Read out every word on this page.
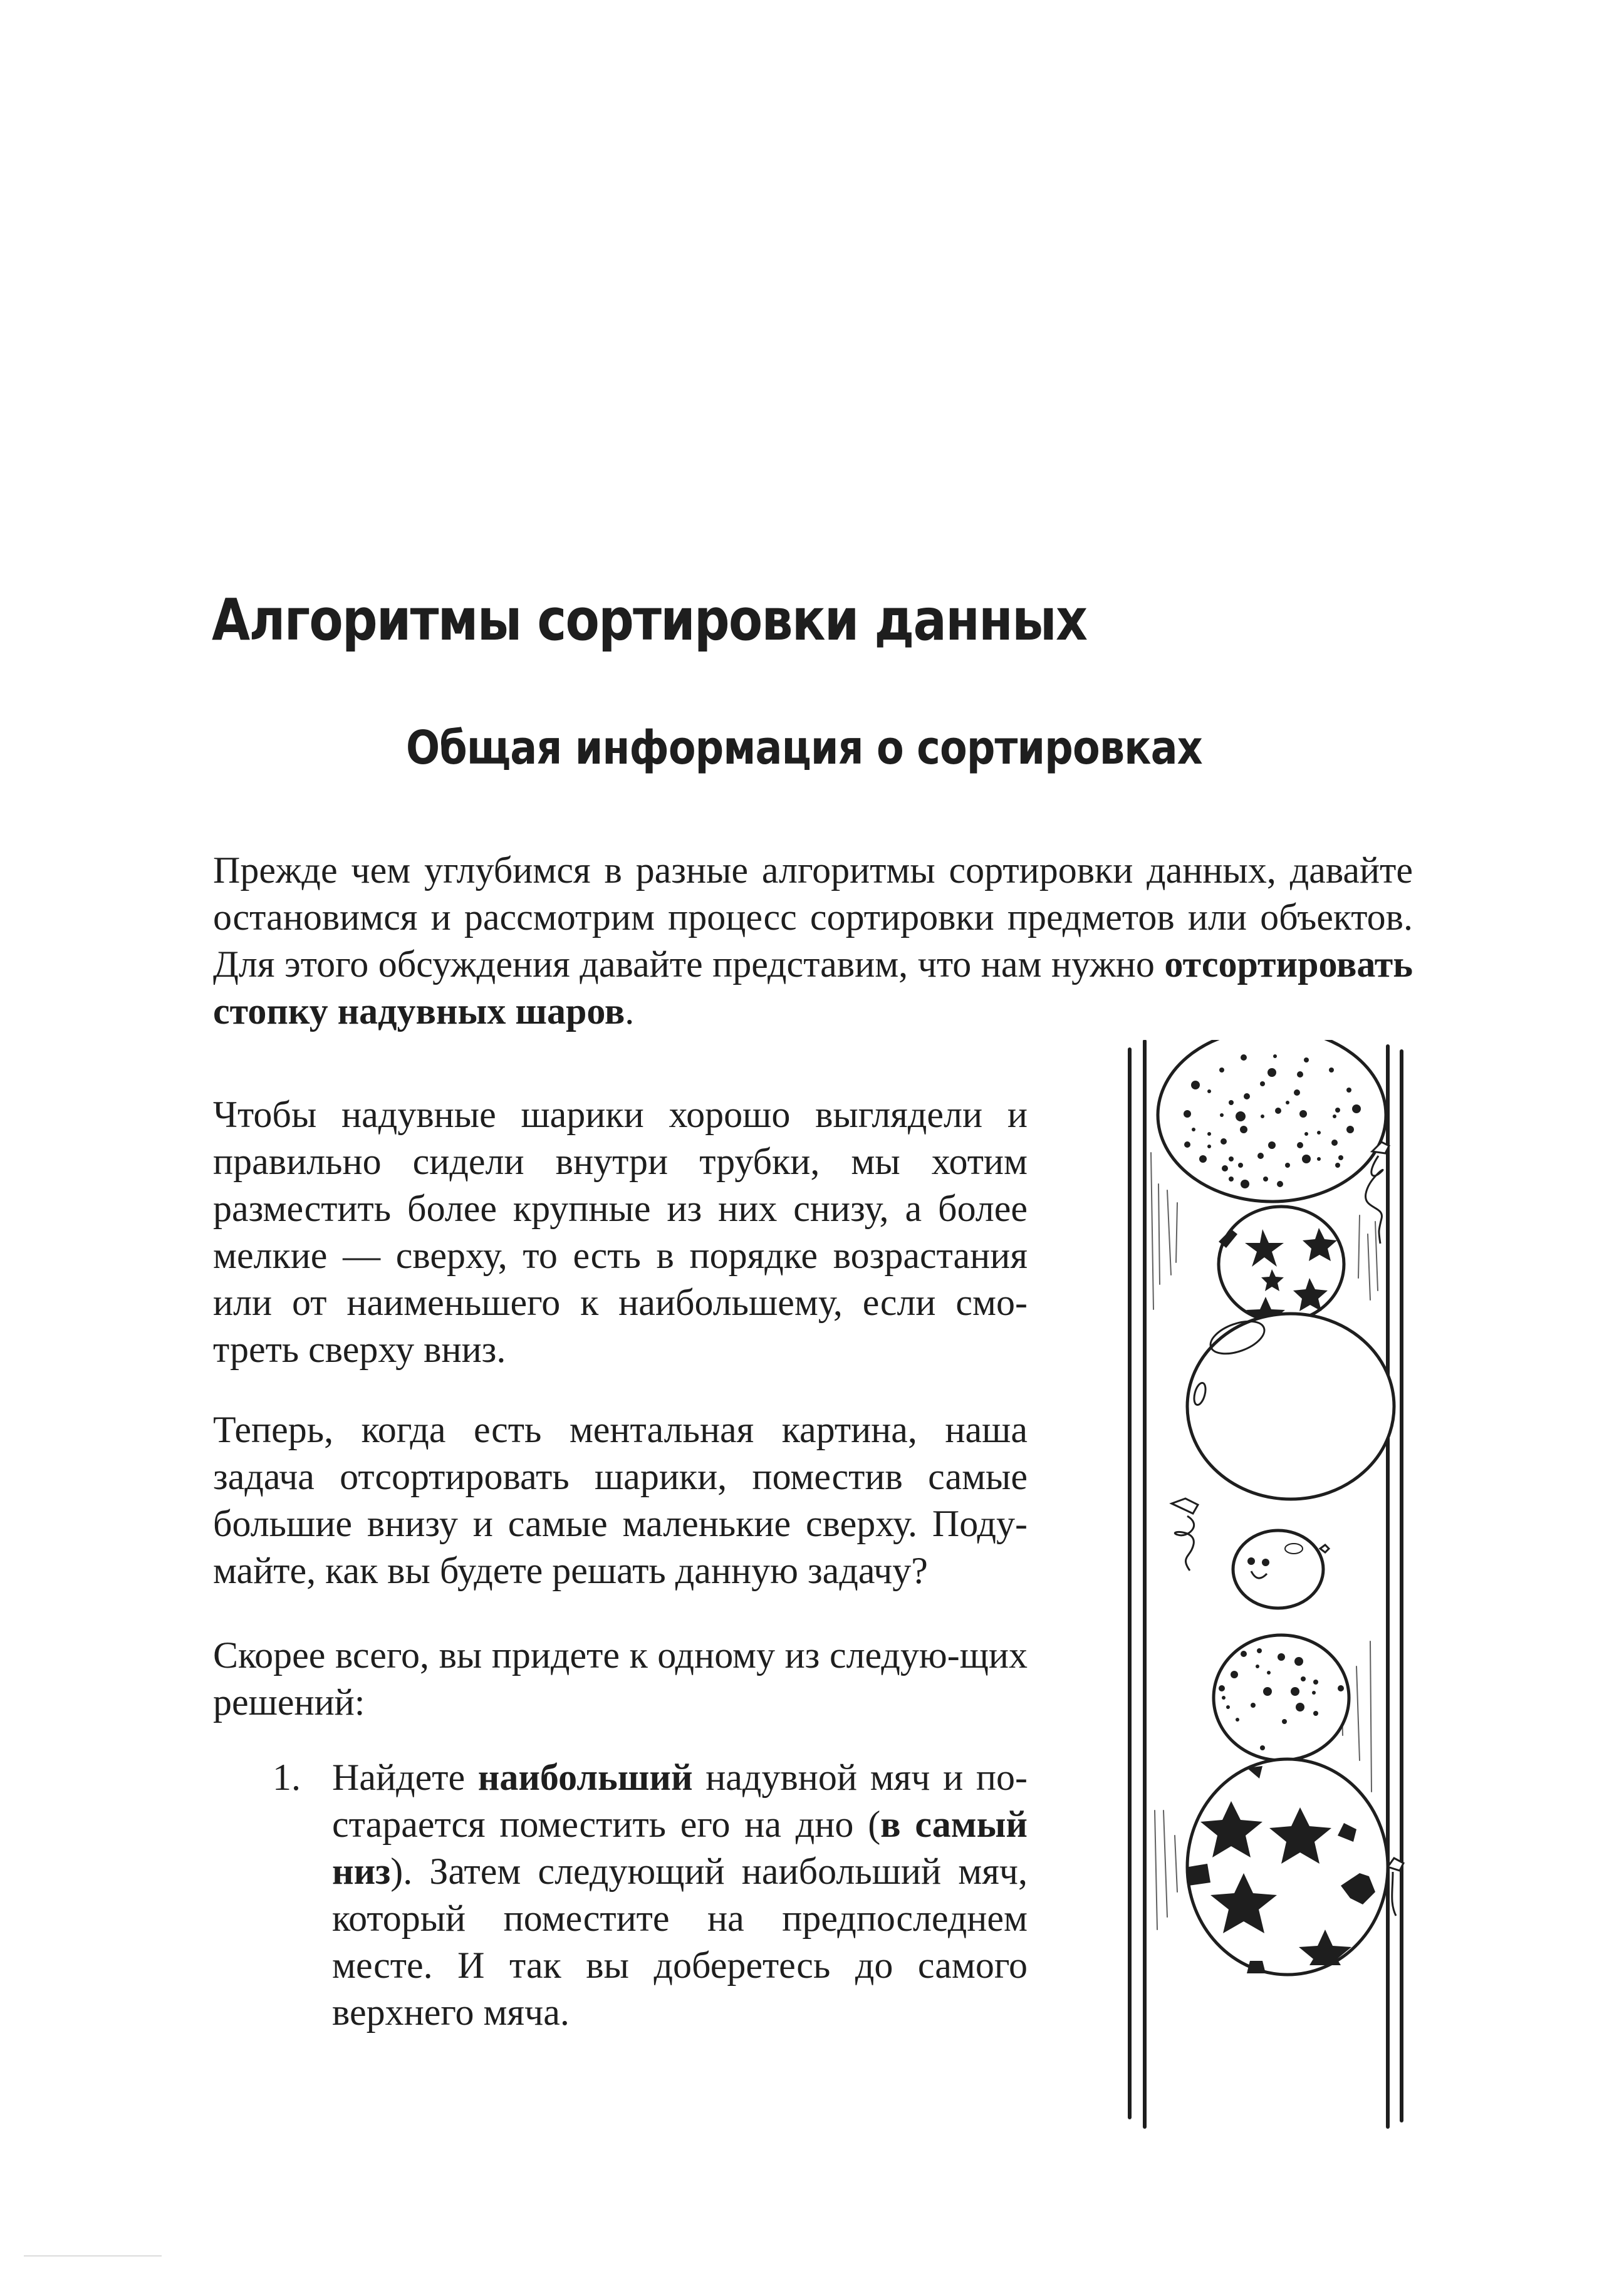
Алгоритмы сортировки данных
Общая информация о сортировках

Прежде чем углубимся в разные алгоритмы сортировки данных, давайте остановимся и рассмотрим процесс сортировки предметов или объектов. Для этого обсуждения давайте представим, что нам нужно отсортировать стопку надувных шаров.

Чтобы надувные шарики хорошо выглядели и правильно сидели внутри трубки, мы хотим разместить более крупные из них снизу, а более мелкие — сверху, то есть в порядке возрастания или от наименьшего к наибольшему, если смо-треть сверху вниз.

Теперь, когда есть ментальная картина, наша задача отсортировать шарики, поместив самые большие внизу и самые маленькие сверху. Поду-майте, как вы будете решать данную задачу?

Скорее всего, вы придете к одному из следую-щих решений:

1. Найдете наибольший надувной мяч и по-старается поместить его на дно (в самый низ). Затем следующий наибольший мяч, который поместите на предпоследнем месте. И так вы доберетесь до самого верхнего мяча.
